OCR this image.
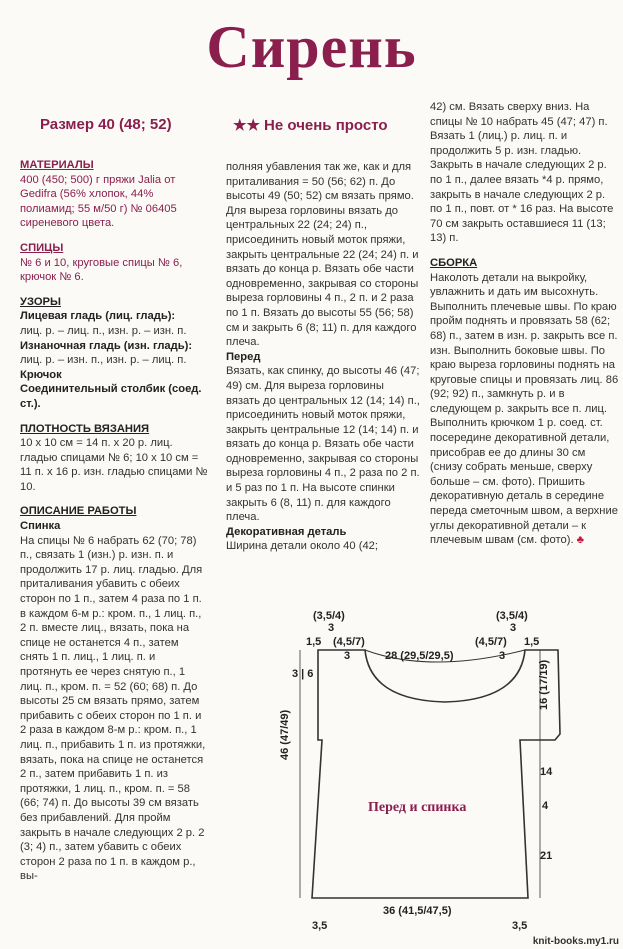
Сирень
Размер 40 (48; 52)	★★ Не очень просто
МАТЕРИАЛЫ

400 (450; 500) г пряжи Jalia от Gedifra (56% хлопок, 44% полиамид; 55 м/50 г) № 06405 сиреневого цвета.

СПИЦЫ

№ 6 и 10, круговые спицы № 6, крючок № 6.

УЗОРЫ

Лицевая гладь (лиц. гладь):

лиц. р. – лиц. п., изн. р. – изн. п.

Изнаночная гладь (изн. гладь):

лиц. р. – изн. п., изн. р. – лиц. п.

Крючок

Соединительный столбик (соед. ст.).

ПЛОТНОСТЬ ВЯЗАНИЯ

10 х 10 см = 14 п. х 20 р. лиц. гладью спицами № 6; 10 х 10 см = 11 п. х 16 р. изн. гладью спицами № 10.

ОПИСАНИЕ РАБОТЫ

Спинка

На спицы № 6 набрать 62 (70; 78) п., связать 1 (изн.) р. изн. п. и продолжить 17 р. лиц. гладью. Для приталивания убавить с обеих сторон по 1 п., затем 4 раза по 1 п. в каждом 6-м р.: кром. п., 1 лиц. п., 2 п. вместе лиц., вязать, пока на спице не останется 4 п., затем снять 1 п. лиц., 1 лиц. п. и протянуть ее через снятую п., 1 лиц. п., кром. п. = 52 (60; 68) п. До высоты 25 см вязать прямо, затем прибавить с обеих сторон по 1 п. и 2 раза в каждом 8-м р.: кром. п., 1 лиц. п., прибавить 1 п. из протяжки, вязать, пока на спице не останется 2 п., затем прибавить 1 п. из протяжки, 1 лиц. п., кром. п. = 58 (66; 74) п. До высоты 39 см вязать без прибавлений. Для пройм закрыть в начале следующих 2 р. 2 (3; 4) п., затем убавить с обеих сторон 2 раза по 1 п. в каждом р., вы-

полняя убавления так же, как и для приталивания = 50 (56; 62) п. До высоты 49 (50; 52) см вязать прямо. Для выреза горловины вязать до центральных 22 (24; 24) п., присоединить новый моток пряжи, закрыть центральные 22 (24; 24) п. и вязать до конца р. Вязать обе части одновременно, закрывая со стороны выреза горловины 4 п., 2 п. и 2 раза по 1 п. Вязать до высоты 55 (56; 58) см и закрыть 6 (8; 11) п. для каждого плеча.

Перед

Вязать, как спинку, до высоты 46 (47; 49) см. Для выреза горловины вязать до центральных 12 (14; 14) п., присоединить новый моток пряжи, закрыть центральные 12 (14; 14) п. и вязать до конца р. Вязать обе части одновременно, закрывая со стороны выреза горловины 4 п., 2 раза по 2 п. и 5 раз по 1 п. На высоте спинки закрыть 6 (8, 11) п. для каждого плеча.

Декоративная деталь

Ширина детали около 40 (42;

42) см. Вязать сверху вниз. На спицы № 10 набрать 45 (47; 47) п. Вязать 1 (лиц.) р. лиц. п. и продолжить 5 р. изн. гладью. Закрыть в начале следующих 2 р. по 1 п., далее вязать *4 р. прямо, закрыть в начале следующих 2 р. по 1 п., повт. от * 16 раз. На высоте 70 см закрыть оставшиеся 11 (13; 13) п.

СБОРКА

Наколоть детали на выкройку, увлажнить и дать им высохнуть. Выполнить плечевые швы. По краю пройм поднять и провязать 58 (62; 68) п., затем в изн. р. закрыть все п. изн. Выполнить боковые швы. По краю выреза горловины поднять на круговые спицы и провязать лиц. 86 (92; 92) п., замкнуть р. и в следующем р. закрыть все п. лиц. Выполнить крючком 1 р. соед. ст. посередине декоративной детали, присобрав ее до длины 30 см (снизу собрать меньше, сверху больше – см. фото). Пришить декоративную деталь в середине переда сметочным швом, а верхние углы декоративной детали – к плечевым швам (см. фото). ♣

(3,5/4)
3
(3,5/4)
3
1,5 (4,5/7)
3
(4,5/7) 1,5
3
28 (29,5/29,5)
3 | 6
46 (47/49)
16 (17/19)
14
4
21
36 (41,5/47,5)
3,5	3,5
Перед и спинка
knit-books.my1.ru
